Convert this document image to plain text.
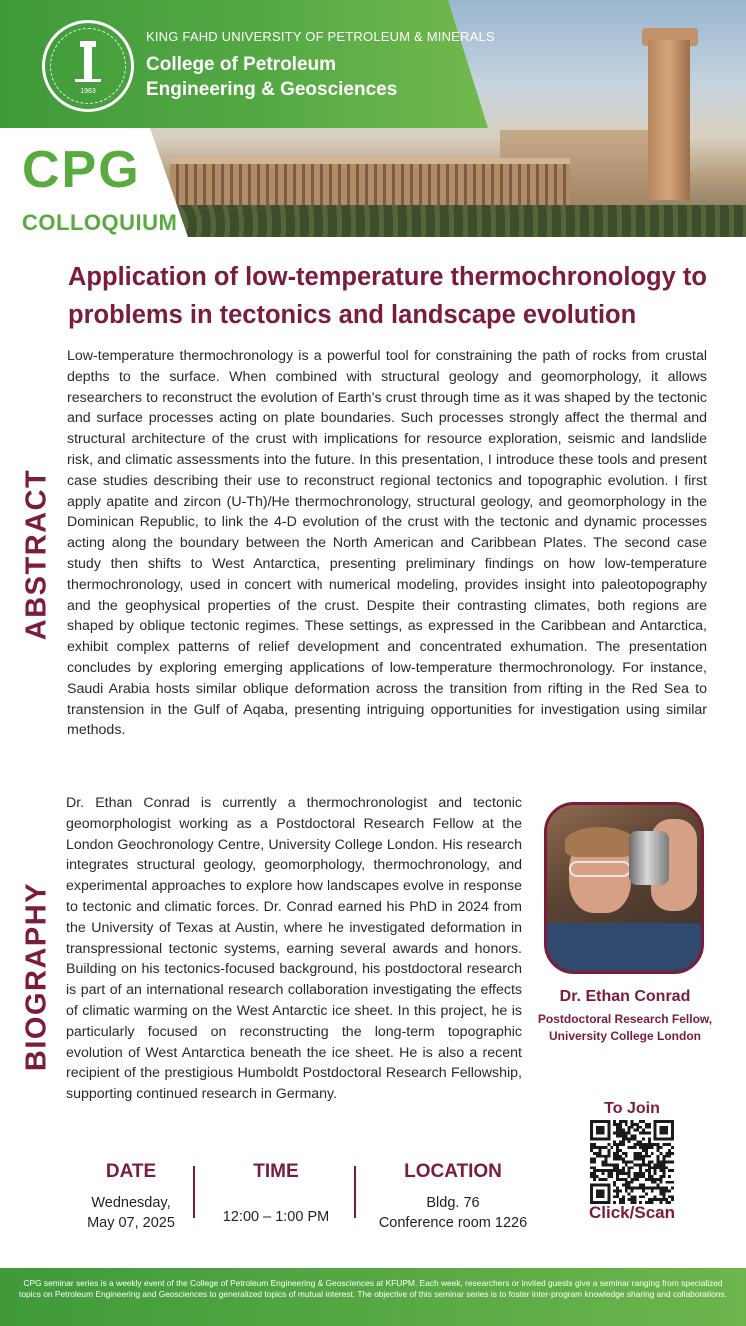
1963
KING FAHD UNIVERSITY OF PETROLEUM & MINERALS
College of Petroleum
Engineering & Geosciences
CPG
COLLOQUIUM
Application of low-temperature thermochronology to problems in tectonics and landscape evolution
ABSTRACT
Low-temperature thermochronology is a powerful tool for constraining the path of rocks from crustal depths to the surface. When combined with structural geology and geomorphology, it allows researchers to reconstruct the evolution of Earth’s crust through time as it was shaped by the tectonic and surface processes acting on plate boundaries. Such processes strongly affect the thermal and structural architecture of the crust with implications for resource exploration, seismic and landslide risk, and climatic assessments into the future. In this presentation, I introduce these tools and present case studies describing their use to reconstruct regional tectonics and topographic evolution. I first apply apatite and zircon (U-Th)/He thermochronology, structural geology, and geomorphology in the Dominican Republic, to link the 4-D evolution of the crust with the tectonic and dynamic processes acting along the boundary between the North American and Caribbean Plates. The second case study then shifts to West Antarctica, presenting preliminary findings on how low-temperature thermochronology, used in concert with numerical modeling, provides insight into paleotopography and the geophysical properties of the crust. Despite their contrasting climates, both regions are shaped by oblique tectonic regimes. These settings, as expressed in the Caribbean and Antarctica, exhibit complex patterns of relief development and concentrated exhumation. The presentation concludes by exploring emerging applications of low-temperature thermochronology. For instance, Saudi Arabia hosts similar oblique deformation across the transition from rifting in the Red Sea to transtension in the Gulf of Aqaba, presenting intriguing opportunities for investigation using similar methods.
BIOGRAPHY
Dr. Ethan Conrad is currently a thermochronologist and tectonic geomorphologist working as a Postdoctoral Research Fellow at the London Geochronology Centre, University College London. His research integrates structural geology, geomorphology, thermochronology, and experimental approaches to explore how landscapes evolve in response to tectonic and climatic forces. Dr. Conrad earned his PhD in 2024 from the University of Texas at Austin, where he investigated deformation in transpressional tectonic systems, earning several awards and honors. Building on his tectonics-focused background, his postdoctoral research is part of an international research collaboration investigating the effects of climatic warming on the West Antarctic ice sheet. In this project, he is particularly focused on reconstructing the long-term topographic evolution of West Antarctica beneath the ice sheet. He is also a recent recipient of the prestigious Humboldt Postdoctoral Research Fellowship, supporting continued research in Germany.
Dr. Ethan Conrad
Postdoctoral Research Fellow,
University College London
DATE
Wednesday,
May 07, 2025
TIME
12:00 – 1:00 PM
LOCATION
Bldg. 76
Conference room 1226
To Join
Click/Scan

CPG seminar series is a weekly event of the College of Petroleum Engineering & Geosciences at KFUPM. Each week, researchers or invited guests give a seminar ranging from specialized topics on Petroleum Engineering and Geosciences to generalized topics of mutual interest. The objective of this seminar series is to foster inter-program knowledge sharing and collaborations.
